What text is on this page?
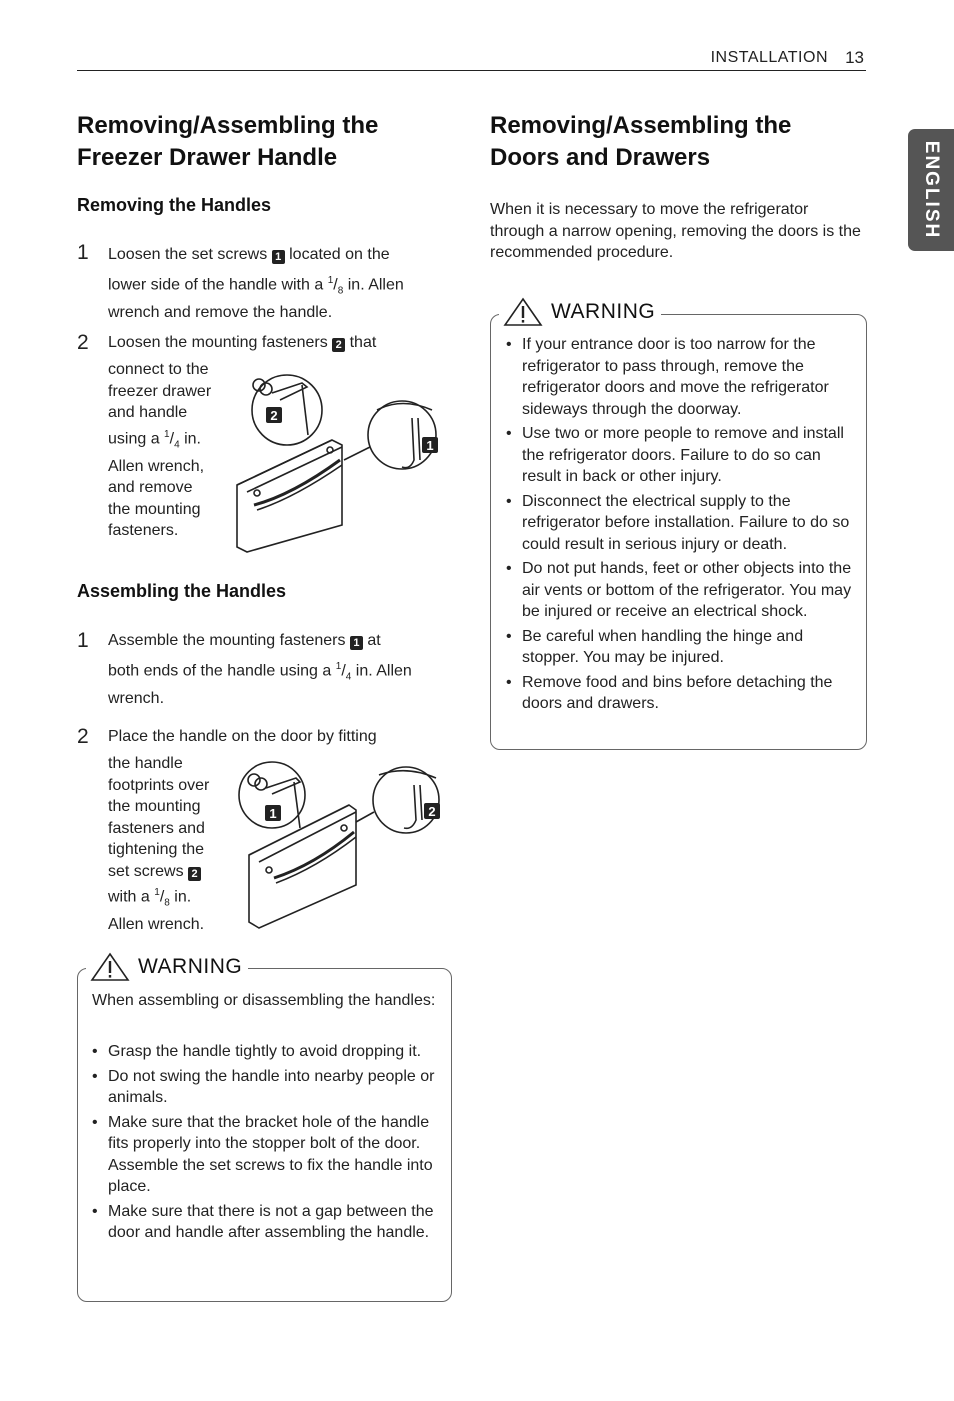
INSTALLATION 13
ENGLISH
Removing/Assembling the
Freezer Drawer Handle
Removing the Handles
1 Loosen the set screws 1 located on the
lower side of the handle with a $^1/_8$ in. Allen
wrench and remove the handle.
2 Loosen the mounting fasteners 2 that
connect to the
freezer drawer
and handle
using a $^1/_4$ in.
Allen wrench,
and remove
the mounting
fasteners.
2
1
Assembling the Handles
1 Assemble the mounting fasteners 1 at
both ends of the handle using a $^1/_4$ in. Allen
wrench.
2 Place the handle on the door by fitting
the handle
footprints over
the mounting
fasteners and
tightening the
set screws 2
with a $^1/_8$ in.
Allen wrench.
1	2
WARNING
When assembling or disassembling the handles:
• Grasp the handle tightly to avoid dropping it.
• Do not swing the handle into nearby people or animals.
• Make sure that the bracket hole of the handle fits properly into the stopper bolt of the door. Assemble the set screws to fix the handle into place.
• Make sure that there is not a gap between the door and handle after assembling the handle.
Removing/Assembling the
Doors and Drawers
When it is necessary to move the refrigerator through a narrow opening, removing the doors is the recommended procedure.
WARNING
• If your entrance door is too narrow for the refrigerator to pass through, remove the refrigerator doors and move the refrigerator sideways through the doorway.
• Use two or more people to remove and install the refrigerator doors. Failure to do so can result in back or other injury.
• Disconnect the electrical supply to the refrigerator before installation. Failure to do so could result in serious injury or death.
• Do not put hands, feet or other objects into the air vents or bottom of the refrigerator. You may be injured or receive an electrical shock.
• Be careful when handling the hinge and stopper. You may be injured.
• Remove food and bins before detaching the doors and drawers.
